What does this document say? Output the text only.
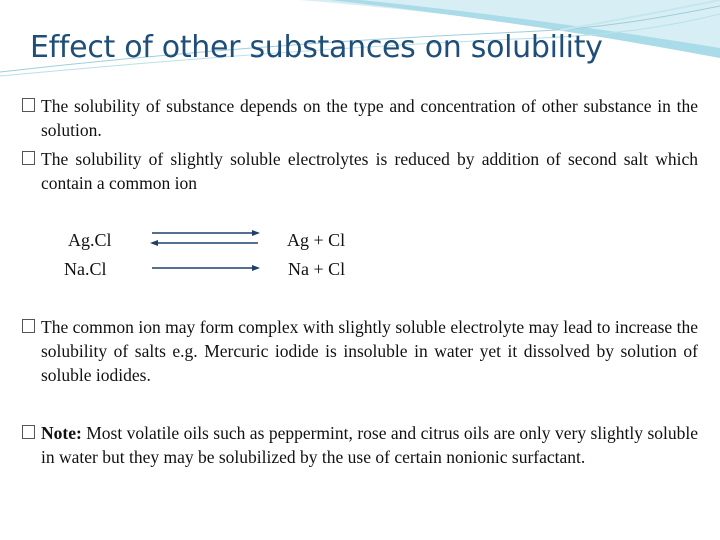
Effect of other substances on solubility
The solubility of substance depends on the type and concentration of other substance in the solution.
The solubility of slightly soluble electrolytes is reduced by addition of second salt which contain a common ion
Ag.Cl
Na.Cl
Ag + Cl
Na + Cl
The common ion may form complex with slightly soluble electrolyte may lead to increase the solubility of salts e.g. Mercuric iodide is insoluble in water yet it dissolved by solution of soluble iodides.
Note: Most volatile oils such as peppermint, rose and citrus oils are only very slightly soluble in water but they may be solubilized by the use of certain nonionic surfactant.
